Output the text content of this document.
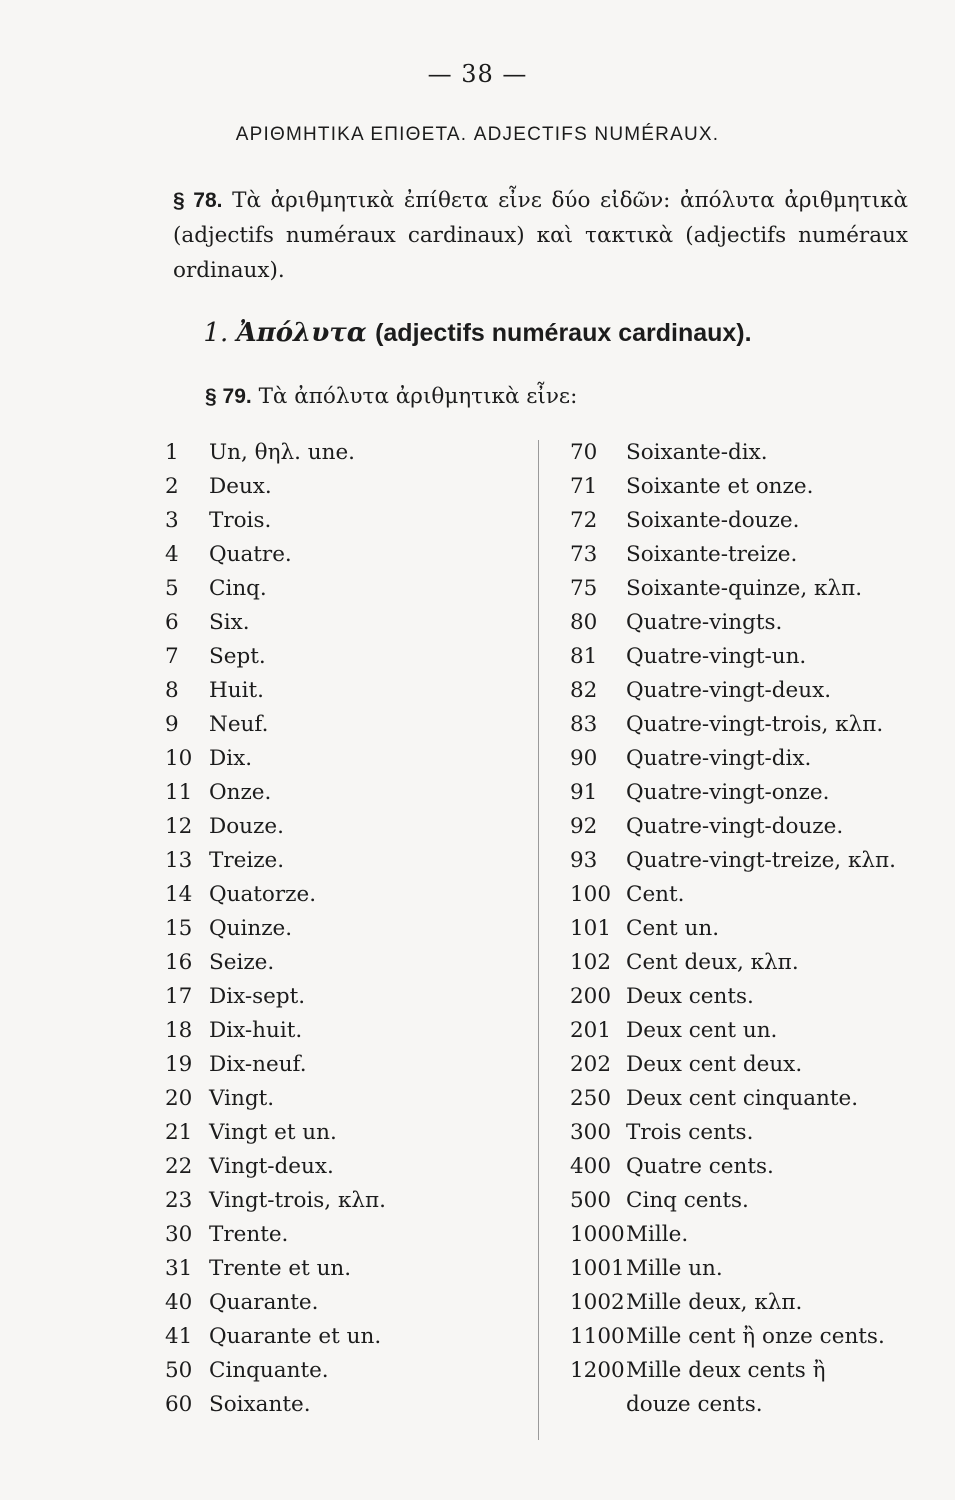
— 38 —
ΑΡΙΘΜΗΤΙΚΑ ΕΠΙΘΕΤΑ. ADJECTIFS NUMÉRAUX.
§ 78. Τὰ ἀριθμητικὰ ἐπίθετα εἶνε δύο εἰδῶν: ἀπόλυτα ἀριθμητικὰ (adjectifs numéraux cardinaux) καὶ τακτικὰ (adjectifs numéraux ordinaux).
1. Ἀπόλυτα (adjectifs numéraux cardinaux).
§ 79. Τὰ ἀπόλυτα ἀριθμητικὰ εἶνε:
1	Un, θηλ. une.
2	Deux.
3	Trois.
4	Quatre.
5	Cinq.
6	Six.
7	Sept.
8	Huit.
9	Neuf.
10 Dix.
11 Onze.
12 Douze.
13 Treize.
14 Quatorze.
15 Quinze.
16 Seize.
17 Dix-sept.
18 Dix-huit.
19 Dix-neuf.
20 Vingt.
21 Vingt et un.
22 Vingt-deux.
23 Vingt-trois, κλπ.
30 Trente.
31 Trente et un.
40 Quarante.
41 Quarante et un.
50 Cinquante.
60 Soixante.
70	Soixante-dix.
71	Soixante et onze.
72	Soixante-douze.
73	Soixante-treize.
75	Soixante-quinze, κλπ.
80	Quatre-vingts.
81	Quatre-vingt-un.
82	Quatre-vingt-deux.
83	Quatre-vingt-trois, κλπ.
90	Quatre-vingt-dix.
91	Quatre-vingt-onze.
92	Quatre-vingt-douze.
93	Quatre-vingt-treize, κλπ.
100 Cent.
101 Cent un.
102 Cent deux, κλπ.
200 Deux cents.
201 Deux cent un.
202 Deux cent deux.
250 Deux cent cinquante.
300 Trois cents.
400 Quatre cents.
500 Cinq cents.
1000 Mille.
1001 Mille un.
1002 Mille deux, κλπ.
1100 Mille cent ἢ onze cents.
1200 Mille deux cents ἢ
douze cents.
